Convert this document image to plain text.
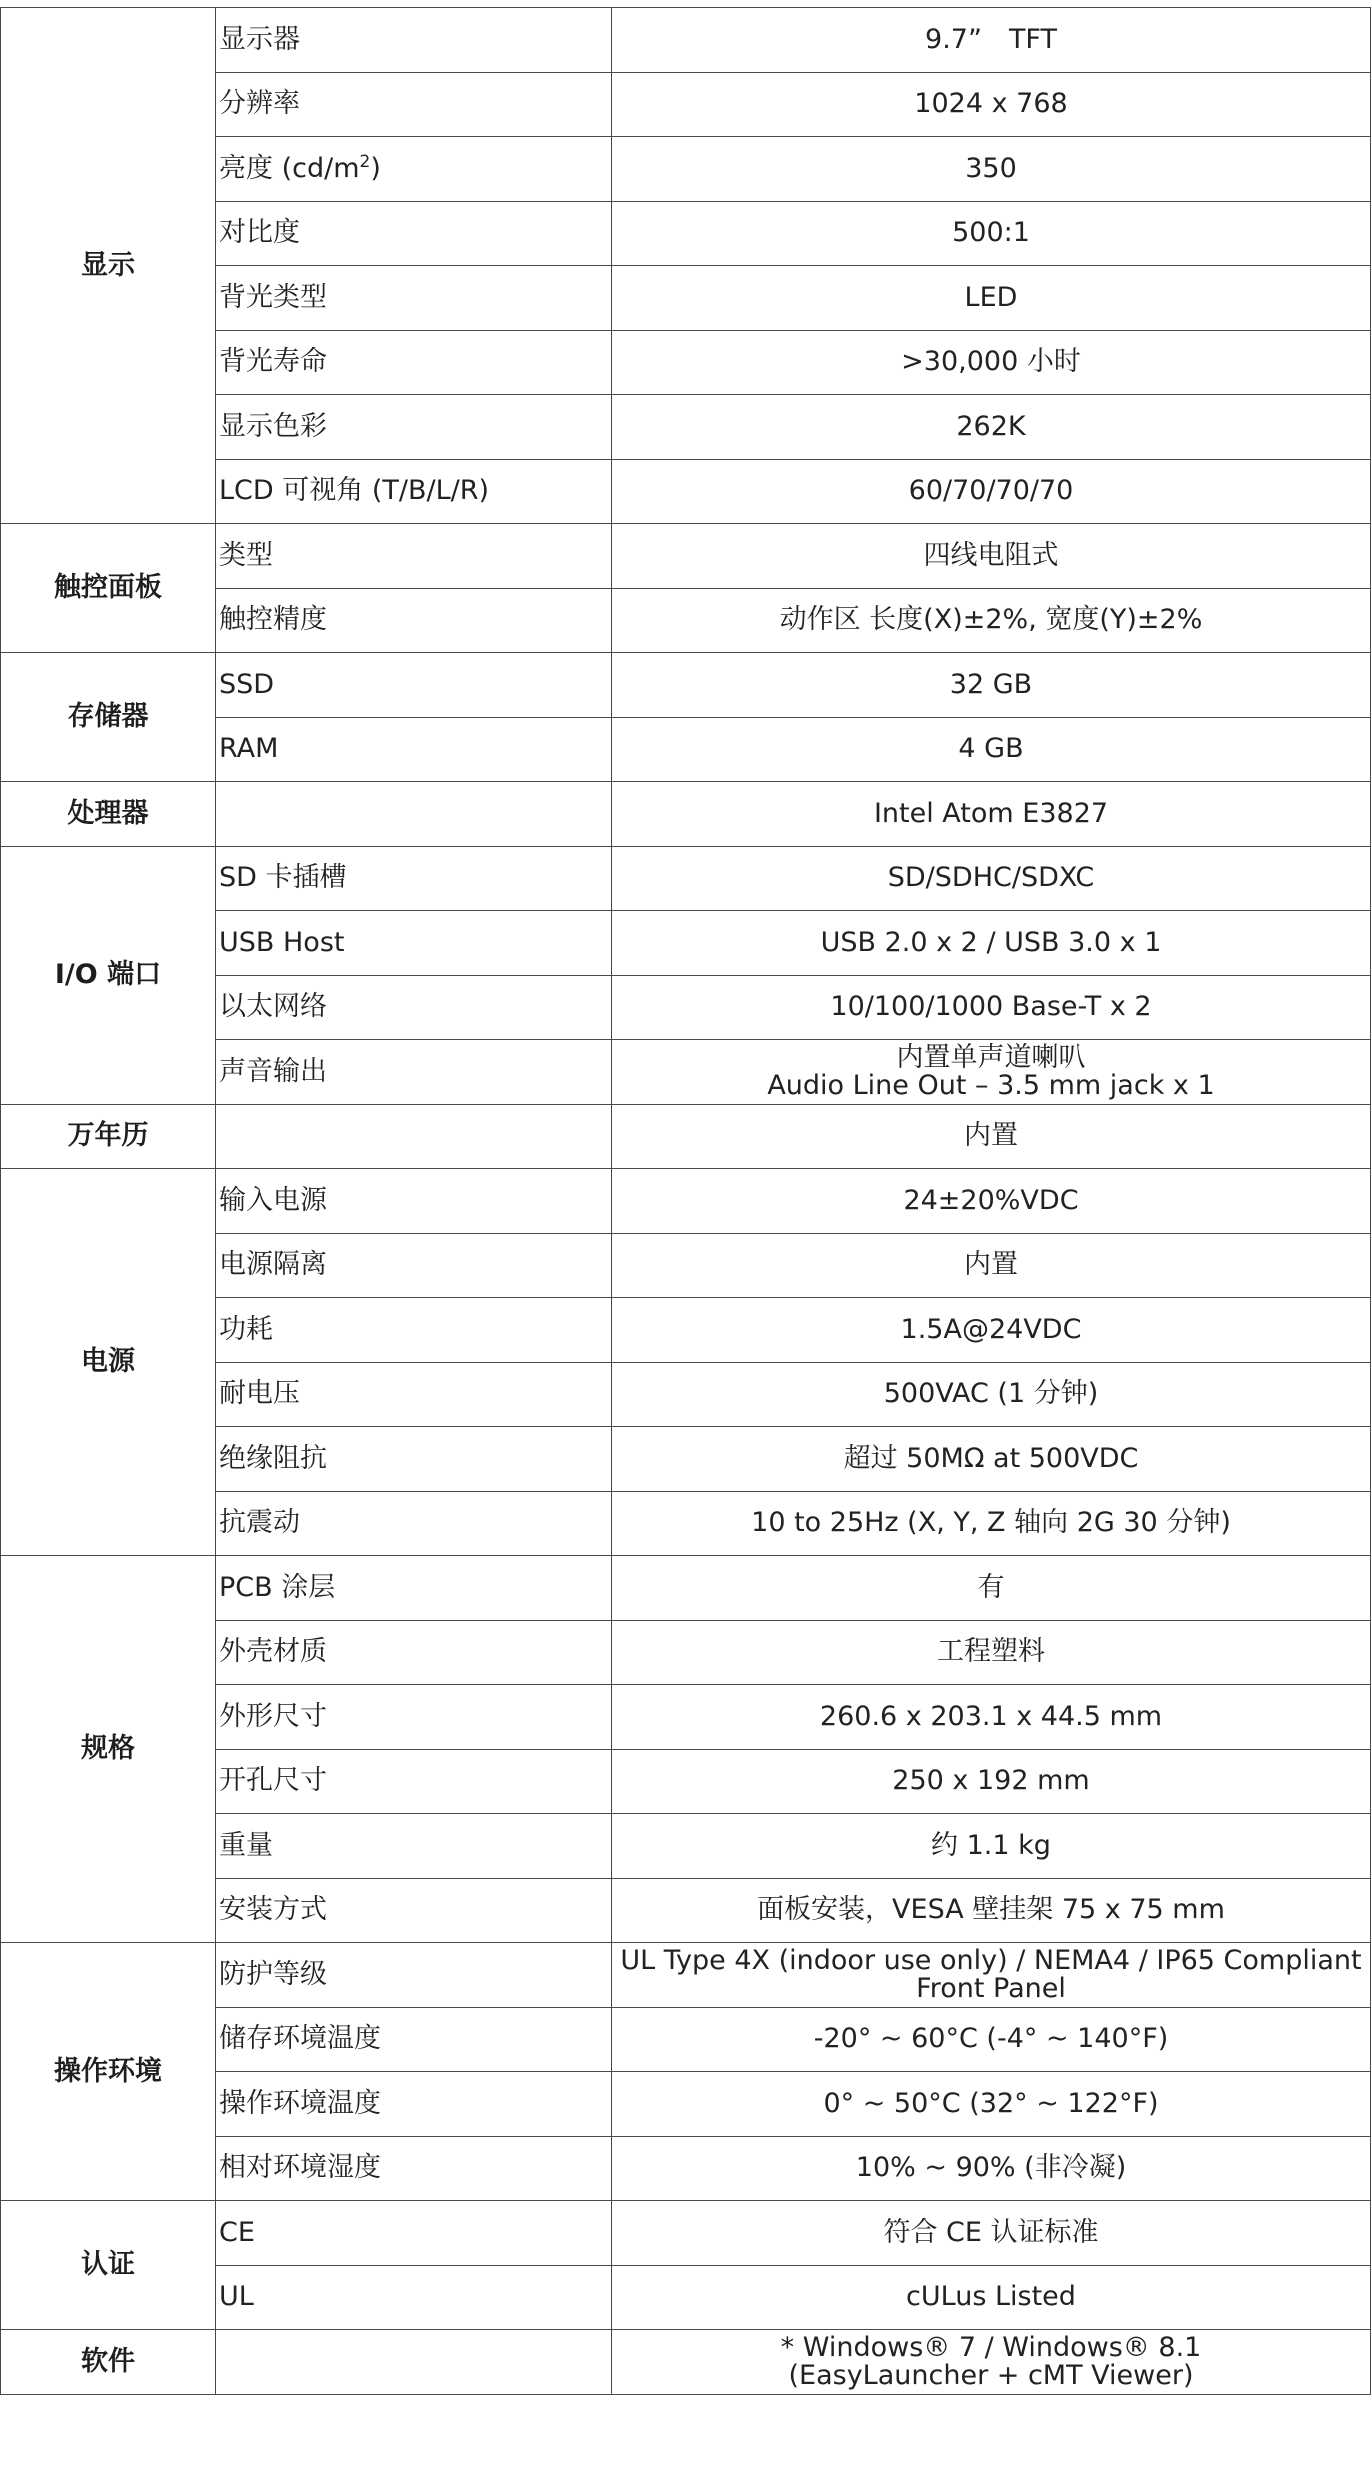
显示	显示器	9.7”　TFT

	分辨率	1024 x 768

	亮度 $(cd/m^2)$	350

	对比度	500:1

	背光类型	LED

	背光寿命	>30,000 小时

	显示色彩	262K

	LCD 可视角 (T/B/L/R)	60/70/70/70

触控面板	类型	四线电阻式

	触控精度	动作区 长度(X)±2%, 宽度(Y)±2%

存储器	SSD	32 GB

	RAM	4 GB

处理器		Intel Atom E3827

I/O 端口	SD 卡插槽	SD/SDHC/SDXC

	USB Host	USB 2.0 x 2 / USB 3.0 x 1

	以太网络	10/100/1000 Base-T x 2

	声音输出	内置单声道喇叭
Audio Line Out – 3.5 mm jack x 1

万年历		内置

电源	输入电源	24±20%VDC

	电源隔离	内置

	功耗	1.5A@24VDC

	耐电压	500VAC (1 分钟)

	绝缘阻抗	超过 50MΩ at 500VDC

	抗震动	10 to 25Hz (X, Y, Z 轴向 2G 30 分钟)

规格	PCB 涂层	有

	外壳材质	工程塑料

	外形尺寸	260.6 x 203.1 x 44.5 mm

	开孔尺寸	250 x 192 mm

	重量	约 1.1 kg

	安装方式	面板安装，VESA 壁挂架 75 x 75 mm

操作环境	防护等级	UL Type 4X (indoor use only) / NEMA4 / IP65 Compliant
Front Panel

	储存环境温度	-20° ~ 60°C (-4° ~ 140°F)

	操作环境温度	0° ~ 50°C (32° ~ 122°F)

	相对环境湿度	10% ~ 90% (非冷凝)

认证	CE	符合 CE 认证标准

	UL	cULus Listed

软件		* Windows® 7 / Windows® 8.1
(EasyLauncher + cMT Viewer)
